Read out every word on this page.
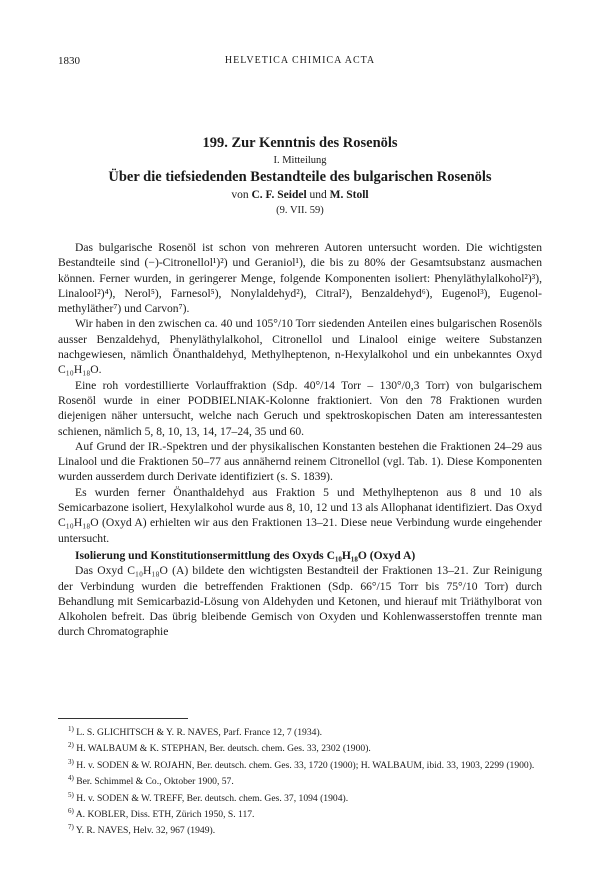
1830	HELVETICA CHIMICA ACTA
199. Zur Kenntnis des Rosenöls
I. Mitteilung
Über die tiefsiedenden Bestandteile des bulgarischen Rosenöls
von C. F. Seidel und M. Stoll
(9. VII. 59)

Das bulgarische Rosenöl ist schon von mehreren Autoren untersucht worden. Die wichtigsten Bestandteile sind (−)-Citronellol¹)²) und Geraniol¹), die bis zu 80% der Gesamtsubstanz ausmachen können. Ferner wurden, in geringerer Menge, folgende Komponenten isoliert: Phenyläthylalkohol²)³), Linalool²)⁴), Nerol⁵), Farnesol⁵), Nonylaldehyd²), Citral²), Benzaldehyd⁶), Eugenol³), Eugenol-methyläther⁷) und Carvon⁷).

Wir haben in den zwischen ca. 40 und 105°/10 Torr siedenden Anteilen eines bulgarischen Rosenöls ausser Benzaldehyd, Phenyläthylalkohol, Citronellol und Linalool einige weitere Substanzen nachgewiesen, nämlich Önanthaldehyd, Methylheptenon, n-Hexylalkohol und ein unbekanntes Oxyd C₁₀H₁₈O.

Eine roh vordestillierte Vorlauffraktion (Sdp. 40°/14 Torr – 130°/0,3 Torr) von bulgarischem Rosenöl wurde in einer PODBIELNIAK-Kolonne fraktioniert. Von den 78 Fraktionen wurden diejenigen näher untersucht, welche nach Geruch und spektroskopischen Daten am interessantesten schienen, nämlich 5, 8, 10, 13, 14, 17–24, 35 und 60.

Auf Grund der IR.-Spektren und der physikalischen Konstanten bestehen die Fraktionen 24–29 aus Linalool und die Fraktionen 50–77 aus annähernd reinem Citronellol (vgl. Tab. 1). Diese Komponenten wurden ausserdem durch Derivate identifiziert (s. S. 1839).

Es wurden ferner Önanthaldehyd aus Fraktion 5 und Methylheptenon aus 8 und 10 als Semicarbazone isoliert, Hexylalkohol wurde aus 8, 10, 12 und 13 als Allophanat identifiziert. Das Oxyd C₁₀H₁₈O (Oxyd A) erhielten wir aus den Fraktionen 13–21. Diese neue Verbindung wurde eingehender untersucht.

Isolierung und Konstitutionsermittlung des Oxyds C₁₀H₁₈O (Oxyd A)

Das Oxyd C₁₀H₁₈O (A) bildete den wichtigsten Bestandteil der Fraktionen 13–21. Zur Reinigung der Verbindung wurden die betreffenden Fraktionen (Sdp. 66°/15 Torr bis 75°/10 Torr) durch Behandlung mit Semicarbazid-Lösung von Aldehyden und Ketonen, und hierauf mit Triäthylborat von Alkoholen befreit. Das übrig bleibende Gemisch von Oxyden und Kohlenwasserstoffen trennte man durch Chromatographie

$^{1)}$ L. S. GLICHITSCH & Y. R. NAVES, Parf. France 12, 7 (1934).

$^{2)}$ H. WALBAUM & K. STEPHAN, Ber. deutsch. chem. Ges. 33, 2302 (1900).

$^{3)}$ H. v. SODEN & W. ROJAHN, Ber. deutsch. chem. Ges. 33, 1720 (1900); H. WALBAUM, ibid. 33, 1903, 2299 (1900).

$^{4)}$ Ber. Schimmel & Co., Oktober 1900, 57.

$^{5)}$ H. v. SODEN & W. TREFF, Ber. deutsch. chem. Ges. 37, 1094 (1904).

$^{6)}$ A. KOBLER, Diss. ETH, Zürich 1950, S. 117.

$^{7)}$ Y. R. NAVES, Helv. 32, 967 (1949).
